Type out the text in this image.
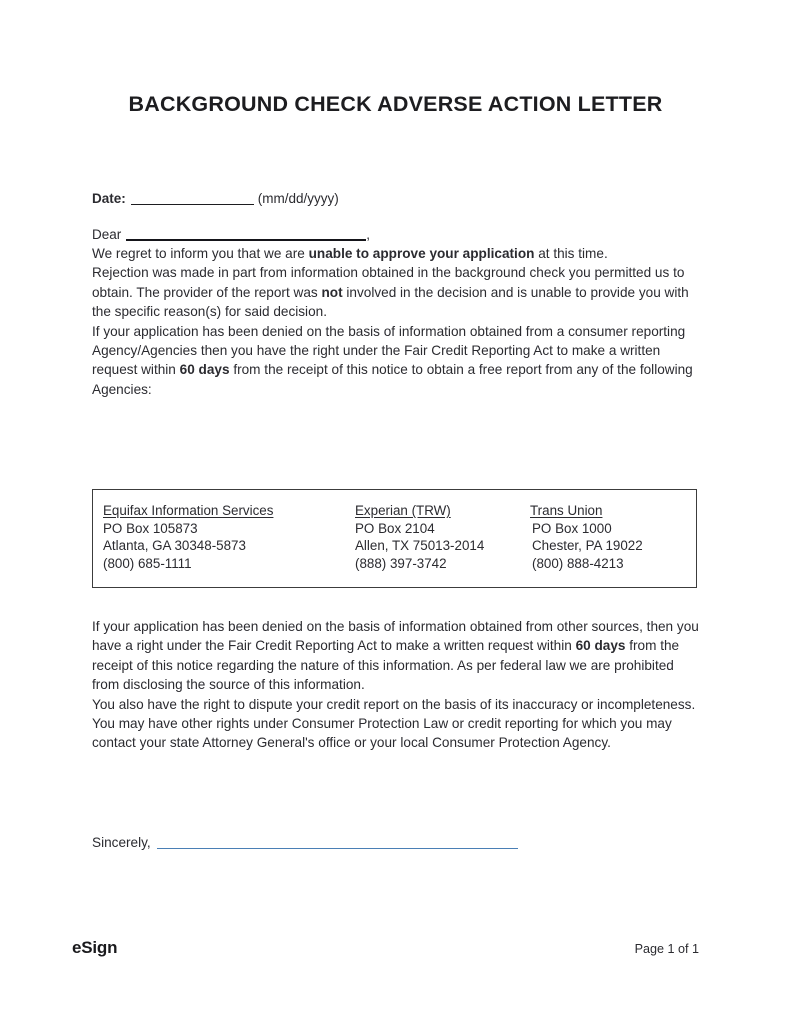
BACKGROUND CHECK ADVERSE ACTION LETTER
Date:	(mm/dd/yyyy)
Dear	,

We regret to inform you that we are unable to approve your application at this time.

Rejection was made in part from information obtained in the background check you permitted us to obtain. The provider of the report was not involved in the decision and is unable to provide you with the specific reason(s) for said decision.

If your application has been denied on the basis of information obtained from a consumer reporting Agency/Agencies then you have the right under the Fair Credit Reporting Act to make a written request within 60 days from the receipt of this notice to obtain a free report from any of the following Agencies:

Equifax Information Services
PO Box 105873
Atlanta, GA 30348-5873
(800) 685-1111
Experian (TRW)
PO Box 2104
Allen, TX 75013-2014
(888) 397-3742
Trans Union
PO Box 1000
Chester, PA 19022
(800) 888-4213

If your application has been denied on the basis of information obtained from other sources, then you have a right under the Fair Credit Reporting Act to make a written request within 60 days from the receipt of this notice regarding the nature of this information. As per federal law we are prohibited from disclosing the source of this information.

You also have the right to dispute your credit report on the basis of its inaccuracy or incompleteness. You may have other rights under Consumer Protection Law or credit reporting for which you may contact your state Attorney General's office or your local Consumer Protection Agency.

Sincerely,
eSign	Page 1 of 1
